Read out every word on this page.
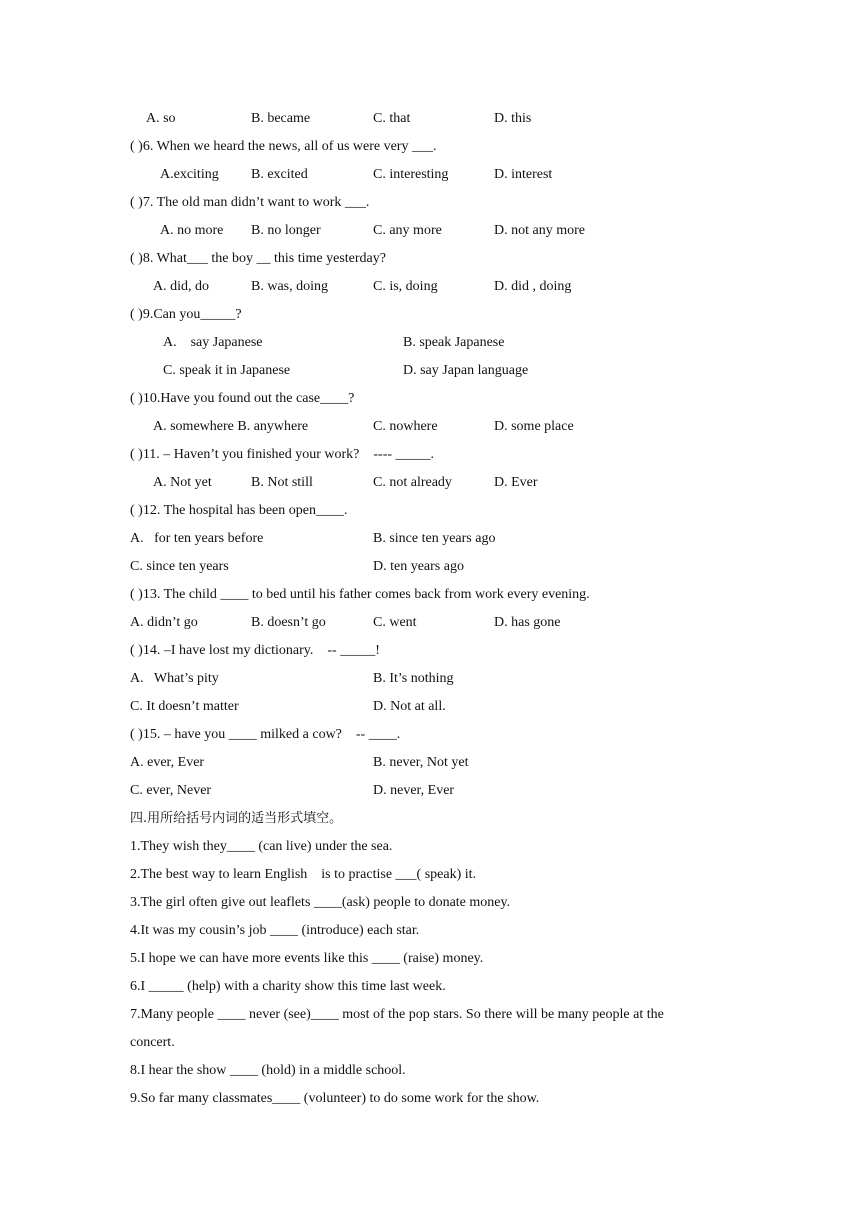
A. so	B. became	C. that	D. this
( )6. When we heard the news, all of us were very ___.
A.exciting B. excited	C. interesting	D. interest
( )7. The old man didn’t want to work ___.
A. no more B. no longer	C. any more	D. not any more
( )8. What___ the boy __ this time yesterday?
A. did, do	B. was, doing	C. is, doing	D. did , doing
( )9.Can you_____?
A.    say Japanese	B. speak Japanese
C. speak it in Japanese	D. say Japan language
( )10.Have you found out the case____?
A. somewhere B. anywhere	C. nowhere	D. some place
( )11. – Haven’t you finished your work?    ---- _____.
A. Not yet	B. Not still	C. not already	D. Ever
( )12. The hospital has been open____.
A.   for ten years before	B. since ten years ago
C. since ten years	D. ten years ago
( )13. The child ____ to bed until his father comes back from work every evening.
A. didn’t go	B. doesn’t go	C. went	D. has gone
( )14. –I have lost my dictionary.    -- _____!
A.   What’s pity	B. It’s nothing
C. It doesn’t matter	D. Not at all.
( )15. – have you ____ milked a cow?    -- ____.
A. ever, Ever	B. never, Not yet
C. ever, Never	D. never, Ever
四.用所给括号内词的适当形式填空。
1.They wish they____ (can live) under the sea.
2.The best way to learn English    is to practise ___( speak) it.
3.The girl often give out leaflets ____(ask) people to donate money.
4.It was my cousin’s job ____ (introduce) each star.
5.I hope we can have more events like this ____ (raise) money.
6.I _____ (help) with a charity show this time last week.
7.Many people ____ never (see)____ most of the pop stars. So there will be many people at the
concert.
8.I hear the show ____ (hold) in a middle school.
9.So far many classmates____ (volunteer) to do some work for the show.
